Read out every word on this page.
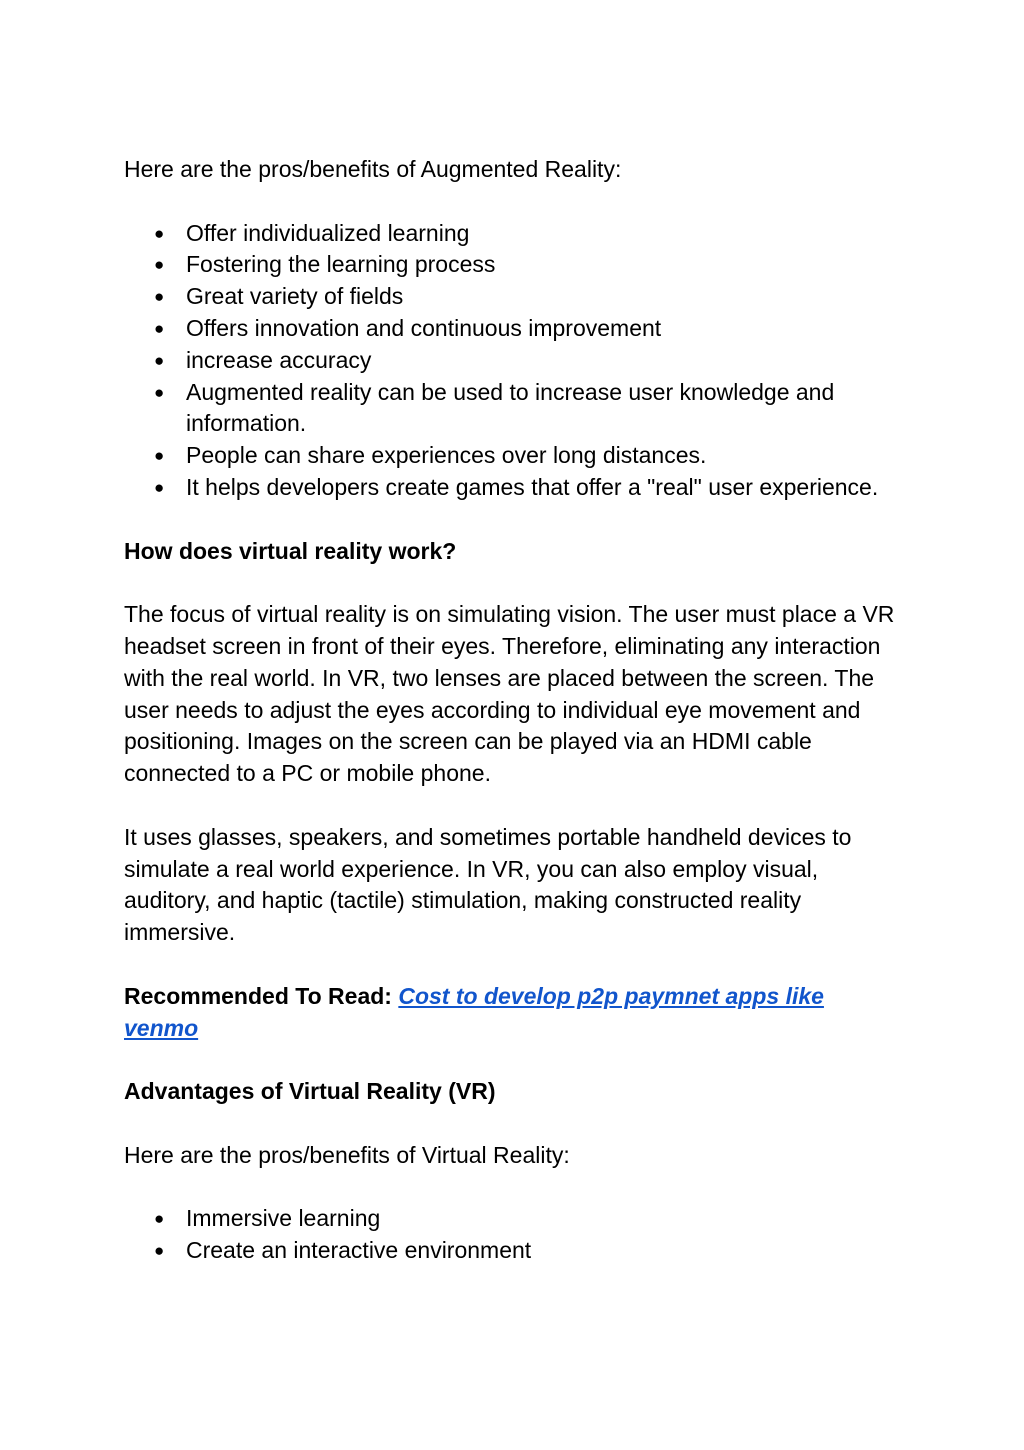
Here are the pros/benefits of Augmented Reality:

● Offer individualized learning
● Fostering the learning process
● Great variety of fields
● Offers innovation and continuous improvement
● increase accuracy
● Augmented reality can be used to increase user knowledge and information.
● People can share experiences over long distances.
● It helps developers create games that offer a "real" user experience.

How does virtual reality work?

The focus of virtual reality is on simulating vision. The user must place a VR headset screen in front of their eyes. Therefore, eliminating any interaction with the real world. In VR, two lenses are placed between the screen. The user needs to adjust the eyes according to individual eye movement and positioning. Images on the screen can be played via an HDMI cable connected to a PC or mobile phone.

It uses glasses, speakers, and sometimes portable handheld devices to simulate a real world experience. In VR, you can also employ visual, auditory, and haptic (tactile) stimulation, making constructed reality immersive.

Recommended To Read: Cost to develop p2p paymnet apps like venmo

Advantages of Virtual Reality (VR)

Here are the pros/benefits of Virtual Reality:

● Immersive learning
● Create an interactive environment
